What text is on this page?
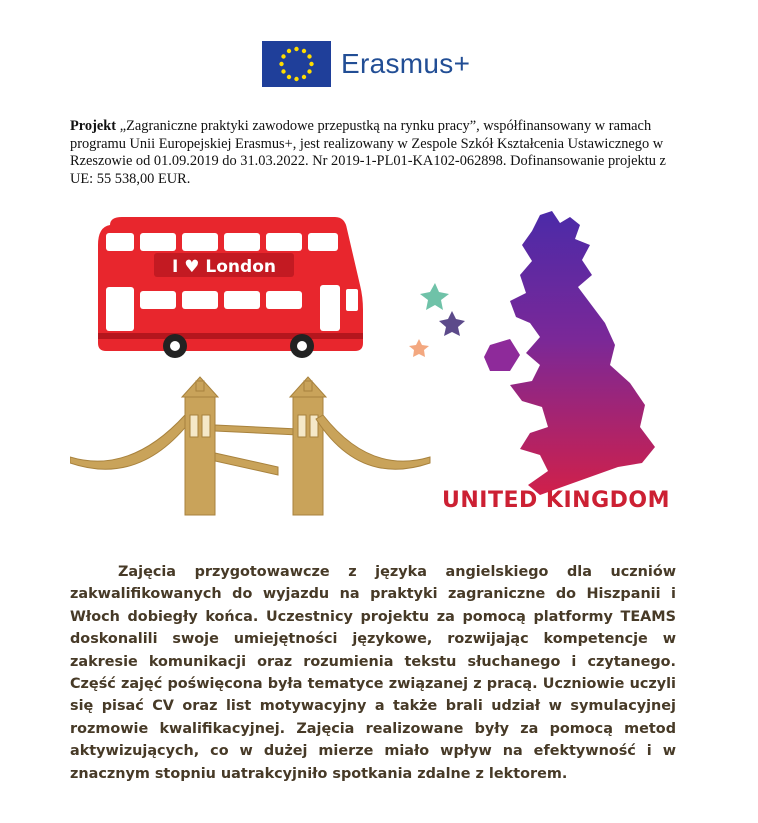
Erasmus+
Projekt „Zagraniczne praktyki zawodowe przepustką na rynku pracy”, współfinansowany w ramach programu Unii Europejskiej Erasmus+, jest realizowany w Zespole Szkół Kształcenia Ustawicznego w Rzeszowie od 01.09.2019 do 31.03.2022. Nr 2019-1-PL01-KA102-062898. Dofinansowanie projektu z UE: 55 538,00 EUR.
I ♥ London
UNITED KINGDOM
Zajęcia przygotowawcze z języka angielskiego dla uczniów zakwalifikowanych do wyjazdu na praktyki zagraniczne do Hiszpanii i Włoch dobiegły końca. Uczestnicy projektu za pomocą platformy TEAMS doskonalili swoje umiejętności językowe, rozwijając kompetencje w zakresie komunikacji oraz rozumienia tekstu słuchanego i czytanego. Część zajęć poświęcona była tematyce związanej z pracą. Uczniowie uczyli się pisać CV oraz list motywacyjny a także brali udział w symulacyjnej rozmowie kwalifikacyjnej. Zajęcia realizowane były za pomocą metod aktywizujących, co w dużej mierze miało wpływ na efektywność i w znacznym stopniu uatrakcyjniło spotkania zdalne z lektorem.
